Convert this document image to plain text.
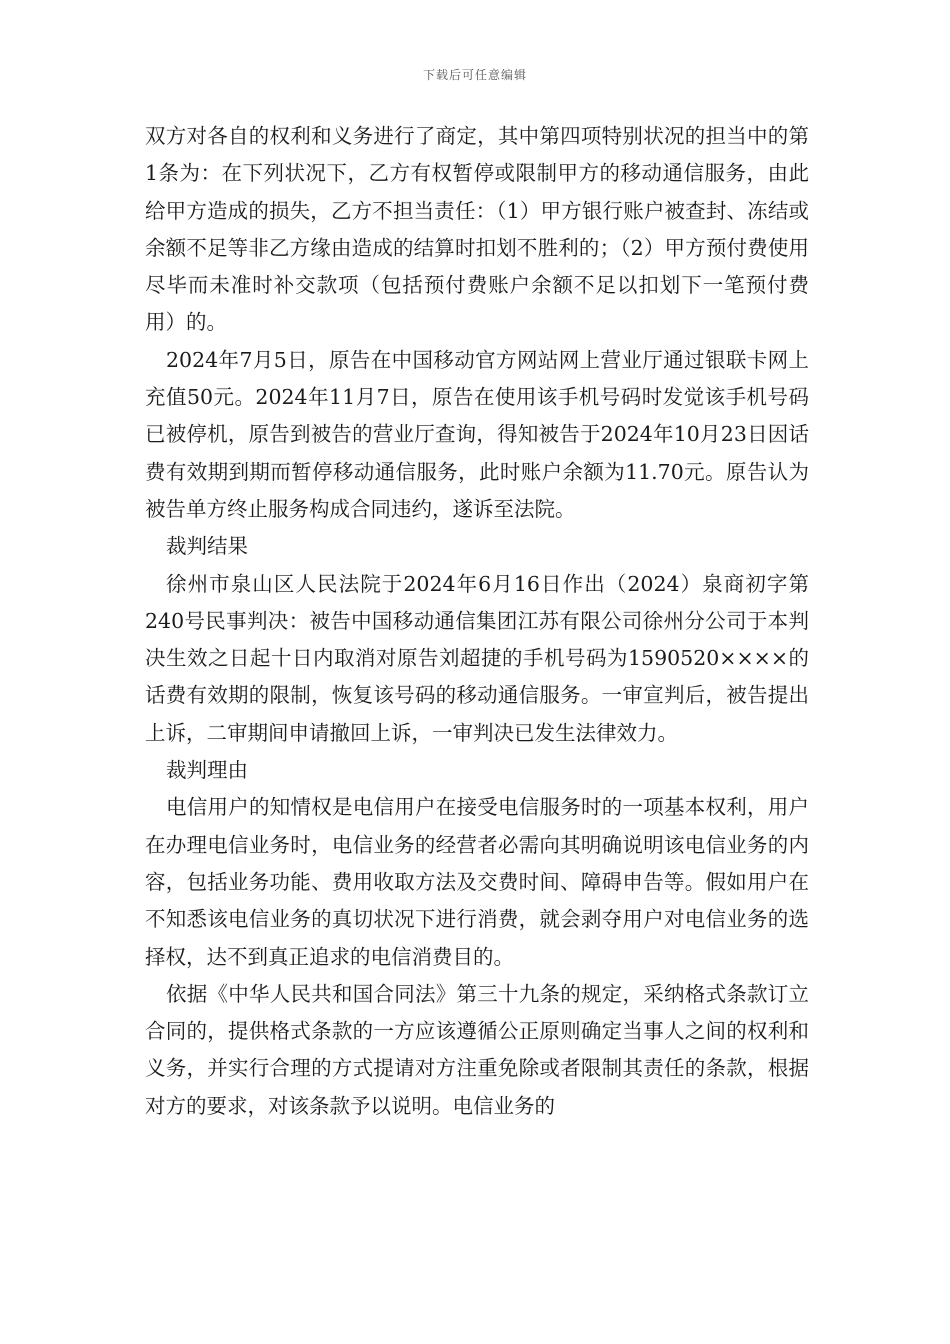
下载后可任意编辑

双方对各自的权利和义务进行了商定，其中第四项特别状况的担当中的第1条为：在下列状况下，乙方有权暂停或限制甲方的移动通信服务，由此给甲方造成的损失，乙方不担当责任：（1）甲方银行账户被查封、冻结或余额不足等非乙方缘由造成的结算时扣划不胜利的；（2）甲方预付费使用尽毕而未准时补交款项（包括预付费账户余额不足以扣划下一笔预付费用）的。

2024年7月5日，原告在中国移动官方网站网上营业厅通过银联卡网上充值50元。2024年11月7日，原告在使用该手机号码时发觉该手机号码已被停机，原告到被告的营业厅查询，得知被告于2024年10月23日因话费有效期到期而暂停移动通信服务，此时账户余额为11.70元。原告认为被告单方终止服务构成合同违约，遂诉至法院。

裁判结果

徐州市泉山区人民法院于2024年6月16日作出（2024）泉商初字第240号民事判决：被告中国移动通信集团江苏有限公司徐州分公司于本判决生效之日起十日内取消对原告刘超捷的手机号码为1590520××××的话费有效期的限制，恢复该号码的移动通信服务。一审宣判后，被告提出上诉，二审期间申请撤回上诉，一审判决已发生法律效力。

裁判理由

电信用户的知情权是电信用户在接受电信服务时的一项基本权利，用户在办理电信业务时，电信业务的经营者必需向其明确说明该电信业务的内容，包括业务功能、费用收取方法及交费时间、障碍申告等。假如用户在不知悉该电信业务的真切状况下进行消费，就会剥夺用户对电信业务的选择权，达不到真正追求的电信消费目的。

依据《中华人民共和国合同法》第三十九条的规定，采纳格式条款订立合同的，提供格式条款的一方应该遵循公正原则确定当事人之间的权利和义务，并实行合理的方式提请对方注重免除或者限制其责任的条款，根据对方的要求，对该条款予以说明。电信业务的
